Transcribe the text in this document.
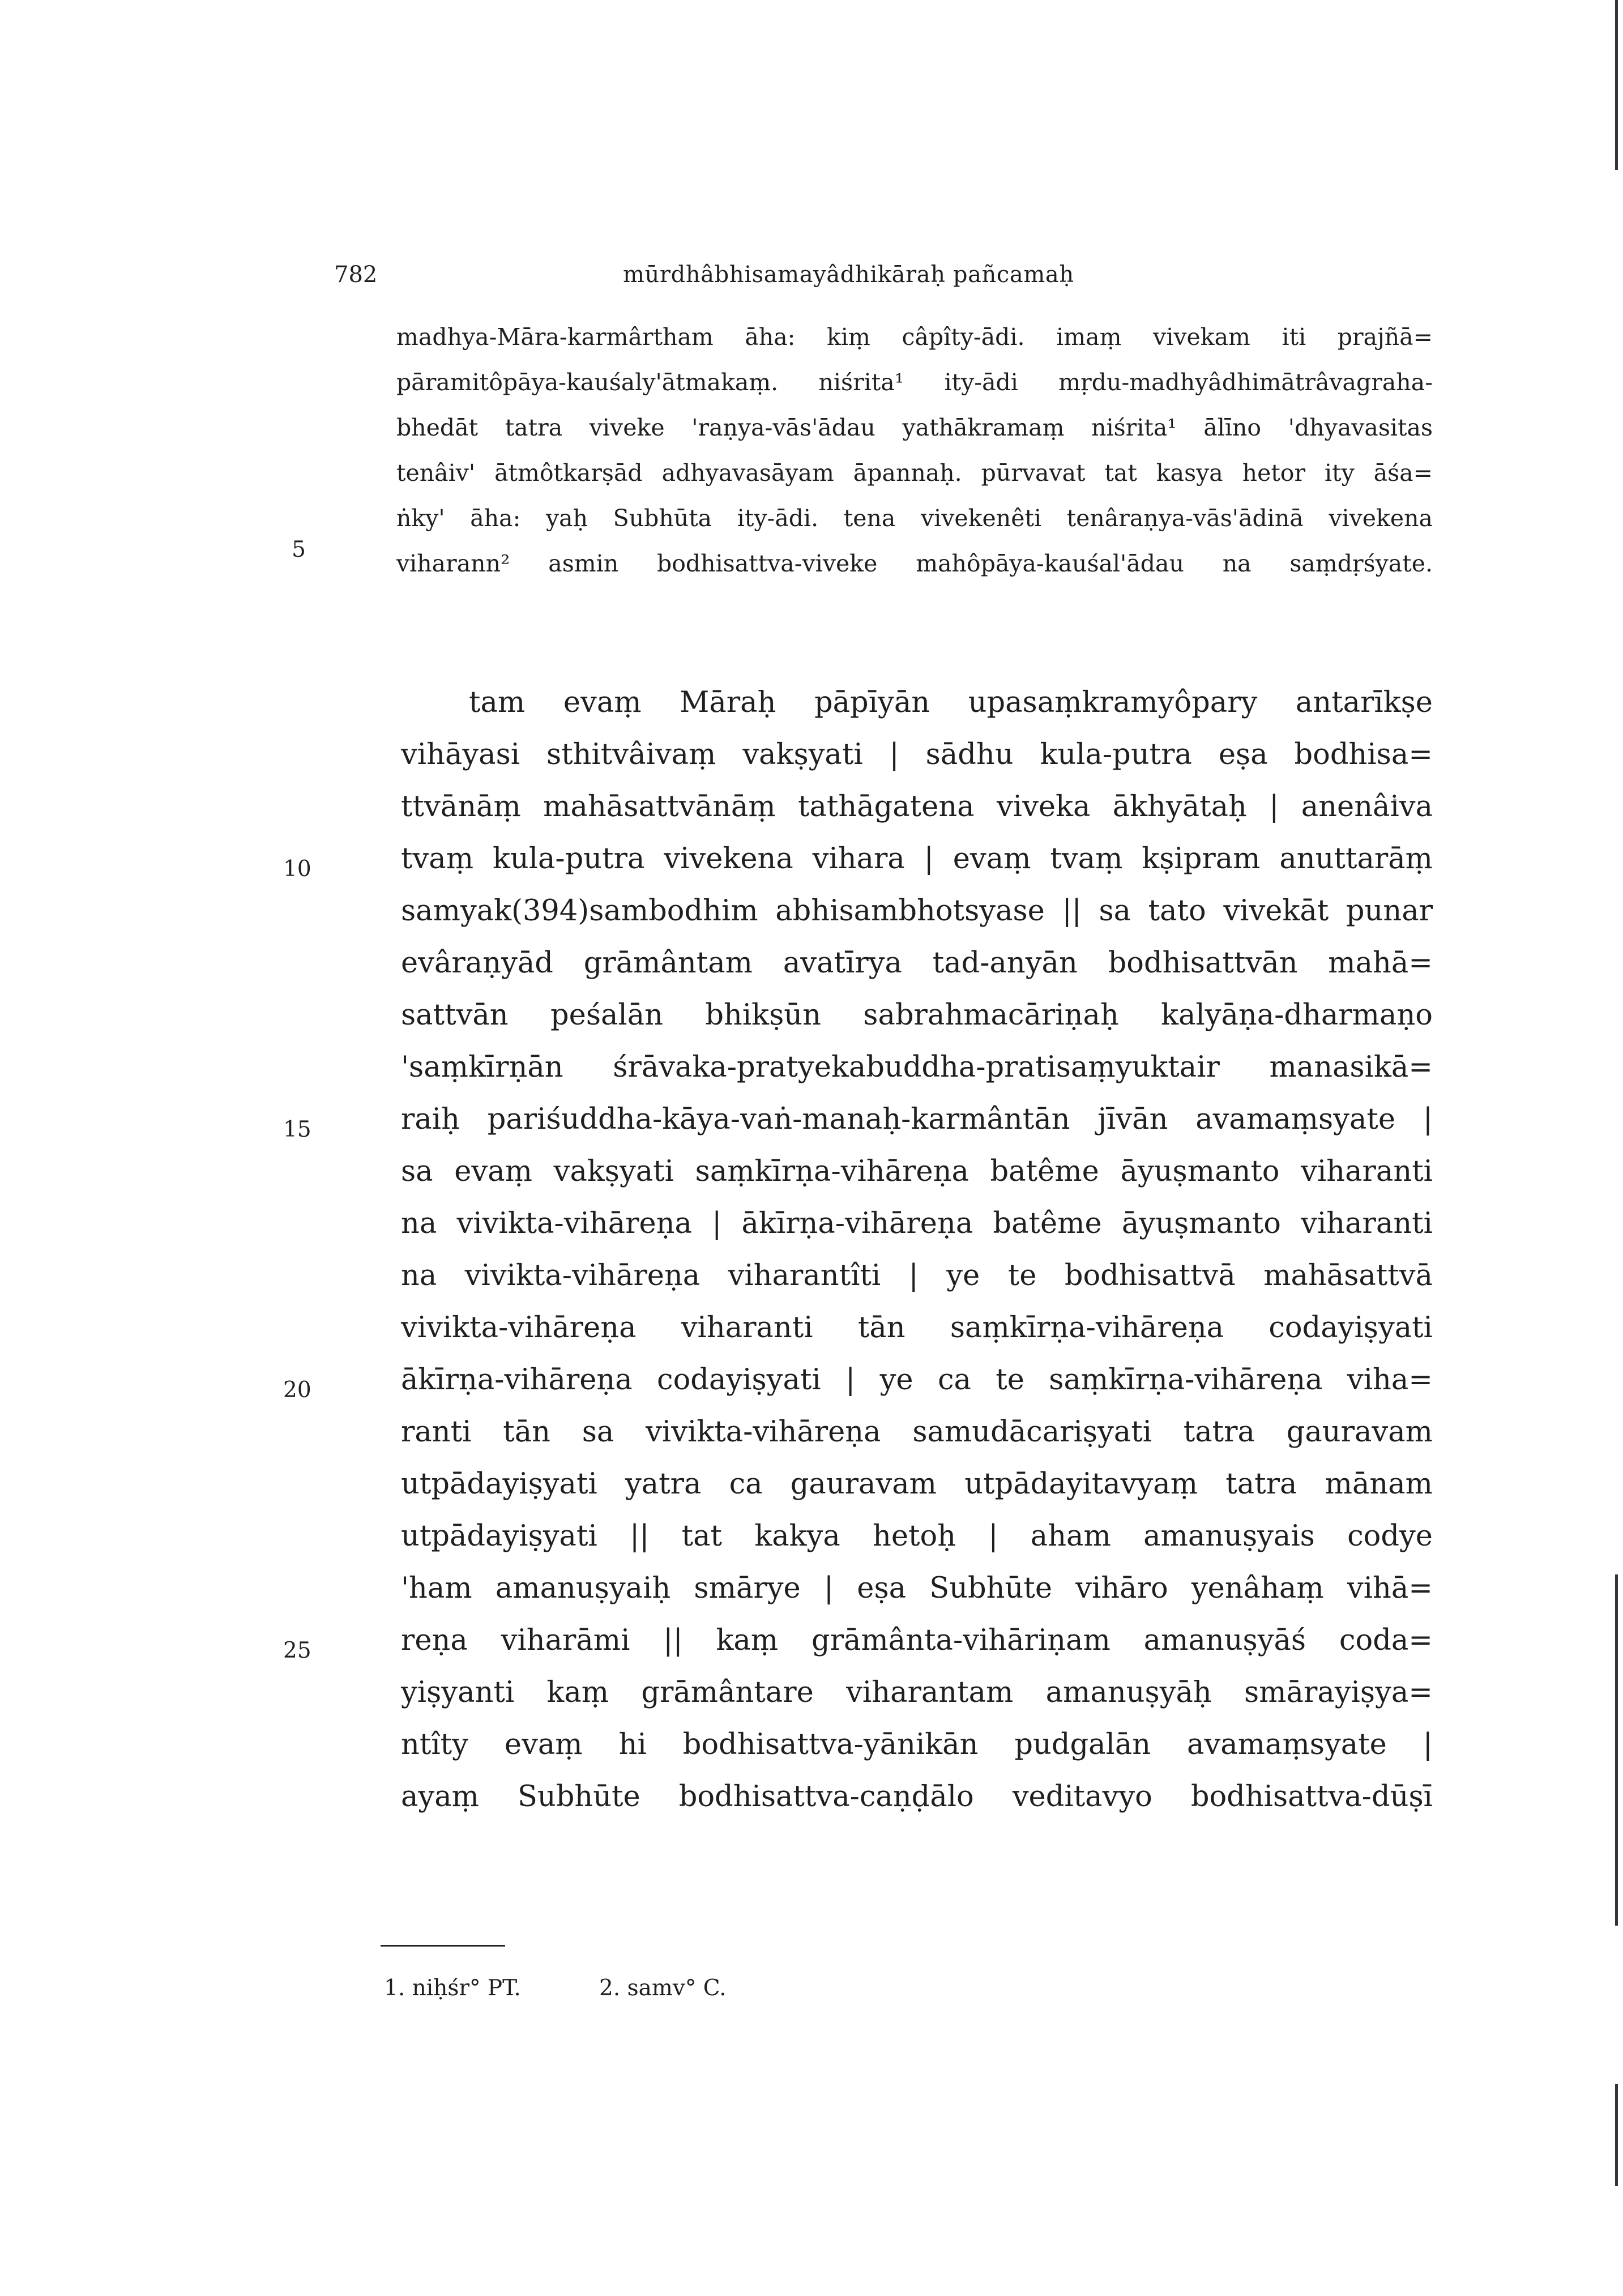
782	mūrdhâbhisamayâdhikāraḥ pañcamaḥ
madhya-Māra-karmârtham āha: kiṃ câpîty-ādi. imaṃ vivekam iti prajñā=
pāramitôpāya-kauśaly'ātmakaṃ. niśrita¹ ity-ādi mṛdu-madhyâdhimātrâvagraha-
bhedāt tatra viveke 'raṇya-vās'ādau yathākramaṃ niśrita¹ ālīno 'dhyavasitas
tenâiv' ātmôtkarṣād adhyavasāyam āpannaḥ. pūrvavat tat kasya hetor ity āśa=
ṅky' āha: yaḥ Subhūta ity-ādi. tena vivekenêti tenâraṇya-vās'ādinā vivekena
viharann² asmin bodhisattva-viveke mahôpāya-kauśal'ādau na saṃdṛśyate.
tam evaṃ Māraḥ pāpīyān upasaṃkramyôpary antarīkṣe
vihāyasi sthitvâivaṃ vakṣyati | sādhu kula-putra eṣa bodhisa=
ttvānāṃ mahāsattvānāṃ tathāgatena viveka ākhyātaḥ | anenâiva
tvaṃ kula-putra vivekena vihara | evaṃ tvaṃ kṣipram anuttarāṃ
samyak(394)sambodhim abhisambhotsyase || sa tato vivekāt punar
evâraṇyād grāmântam avatīrya tad-anyān bodhisattvān mahā=
sattvān peśalān bhikṣūn sabrahmacāriṇaḥ kalyāṇa-dharmaṇo
'saṃkīrṇān śrāvaka-pratyekabuddha-pratisaṃyuktair manasikā=
raiḥ pariśuddha-kāya-vaṅ-manaḥ-karmântān jīvān avamaṃsyate |
sa evaṃ vakṣyati saṃkīrṇa-vihāreṇa batême āyuṣmanto viharanti
na vivikta-vihāreṇa | ākīrṇa-vihāreṇa batême āyuṣmanto viharanti
na vivikta-vihāreṇa viharantîti | ye te bodhisattvā mahāsattvā
vivikta-vihāreṇa viharanti tān saṃkīrṇa-vihāreṇa codayiṣyati
ākīrṇa-vihāreṇa codayiṣyati | ye ca te saṃkīrṇa-vihāreṇa viha=
ranti tān sa vivikta-vihāreṇa samudācariṣyati tatra gauravam
utpādayiṣyati yatra ca gauravam utpādayitavyaṃ tatra mānam
utpādayiṣyati || tat kakya hetoḥ | aham amanuṣyais codye
'ham amanuṣyaiḥ smārye | eṣa Subhūte vihāro yenâhaṃ vihā=
reṇa viharāmi || kaṃ grāmânta-vihāriṇam amanuṣyāś coda=
yiṣyanti kaṃ grāmântare viharantam amanuṣyāḥ smārayiṣya=
ntîty evaṃ hi bodhisattva-yānikān pudgalān avamaṃsyate |
ayaṃ Subhūte bodhisattva-caṇḍālo veditavyo bodhisattva-dūṣī
5
10
15
20
25
1. niḥśr° PT.	2. samv° C.
